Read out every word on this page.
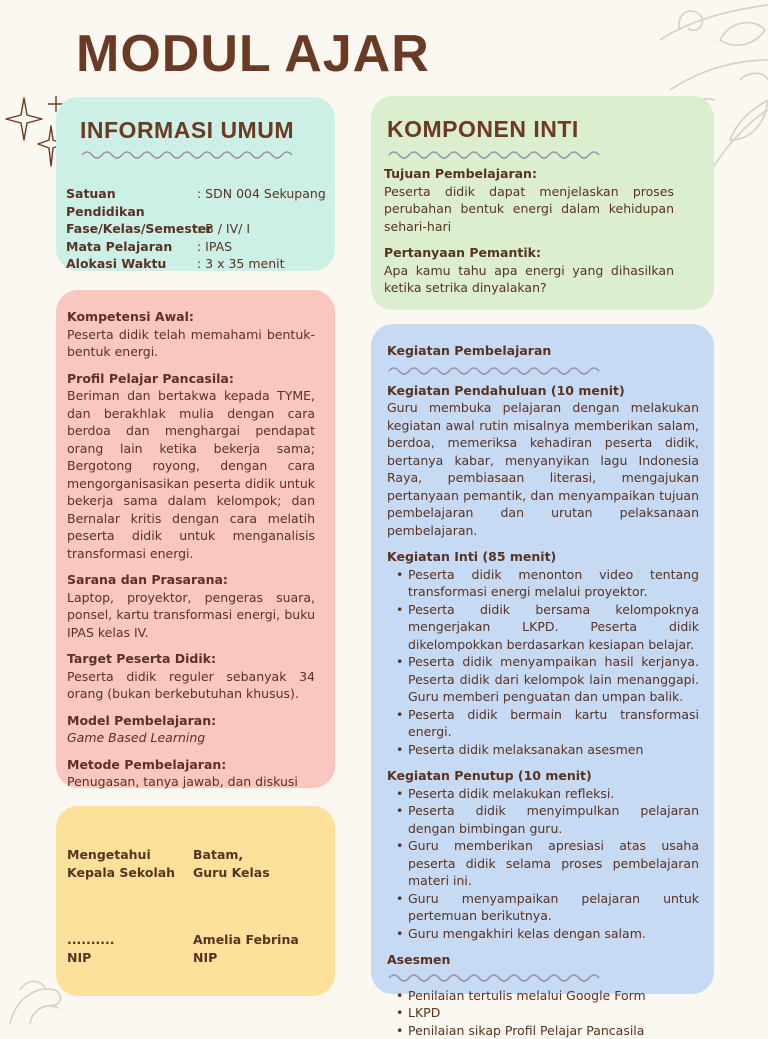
MODUL AJAR
INFORMASI UMUM
Satuan Pendidikan
: SDN 004 Sekupang
Fase/Kelas/Semester
: B / IV/ I
Mata Pelajaran	: IPAS
Alokasi Waktu	: 3 x 35 menit
KOMPONEN INTI
Tujuan Pembelajaran:
Peserta didik dapat menjelaskan proses perubahan bentuk energi dalam kehidupan sehari-hari
Pertanyaan Pemantik:
Apa kamu tahu apa energi yang dihasilkan ketika setrika dinyalakan?
Kompetensi Awal:
Peserta didik telah memahami bentuk-bentuk energi.
Profil Pelajar Pancasila:
Beriman dan bertakwa kepada TYME, dan berakhlak mulia dengan cara berdoa dan menghargai pendapat orang lain ketika bekerja sama; Bergotong royong, dengan cara mengorganisasikan peserta didik untuk bekerja sama dalam kelompok; dan Bernalar kritis dengan cara melatih peserta didik untuk menganalisis transformasi energi.
Sarana dan Prasarana:
Laptop, proyektor, pengeras suara, ponsel, kartu transformasi energi, buku IPAS kelas IV.
Target Peserta Didik:
Peserta didik reguler sebanyak 34 orang (bukan berkebutuhan khusus).
Model Pembelajaran:
Game Based Learning
Metode Pembelajaran:
Penugasan, tanya jawab, dan diskusi
Mengetahui
Kepala Sekolah
Batam,
Guru Kelas
..........
NIP
Amelia Febrina
NIP
Kegiatan Pembelajaran
Kegiatan Pendahuluan (10 menit)
Guru membuka pelajaran dengan melakukan kegiatan awal rutin misalnya memberikan salam, berdoa, memeriksa kehadiran peserta didik, bertanya kabar, menyanyikan lagu Indonesia Raya, pembiasaan literasi, mengajukan pertanyaan pemantik, dan menyampaikan tujuan pembelajaran dan urutan pelaksanaan pembelajaran.
Kegiatan Inti (85 menit)
• Peserta didik menonton video tentang transformasi energi melalui proyektor.
• Peserta didik bersama kelompoknya mengerjakan LKPD. Peserta didik dikelompokkan berdasarkan kesiapan belajar.
• Peserta didik menyampaikan hasil kerjanya. Peserta didik dari kelompok lain menanggapi. Guru memberi penguatan dan umpan balik.
• Peserta didik bermain kartu transformasi energi.
• Peserta didik melaksanakan asesmen
Kegiatan Penutup (10 menit)
• Peserta didik melakukan refleksi.
• Peserta didik menyimpulkan pelajaran dengan bimbingan guru.
• Guru memberikan apresiasi atas usaha peserta didik selama proses pembelajaran materi ini.
• Guru menyampaikan pelajaran untuk pertemuan berikutnya.
• Guru mengakhiri kelas dengan salam.
Asesmen
• Penilaian tertulis melalui Google Form
• LKPD
• Penilaian sikap Profil Pelajar Pancasila
